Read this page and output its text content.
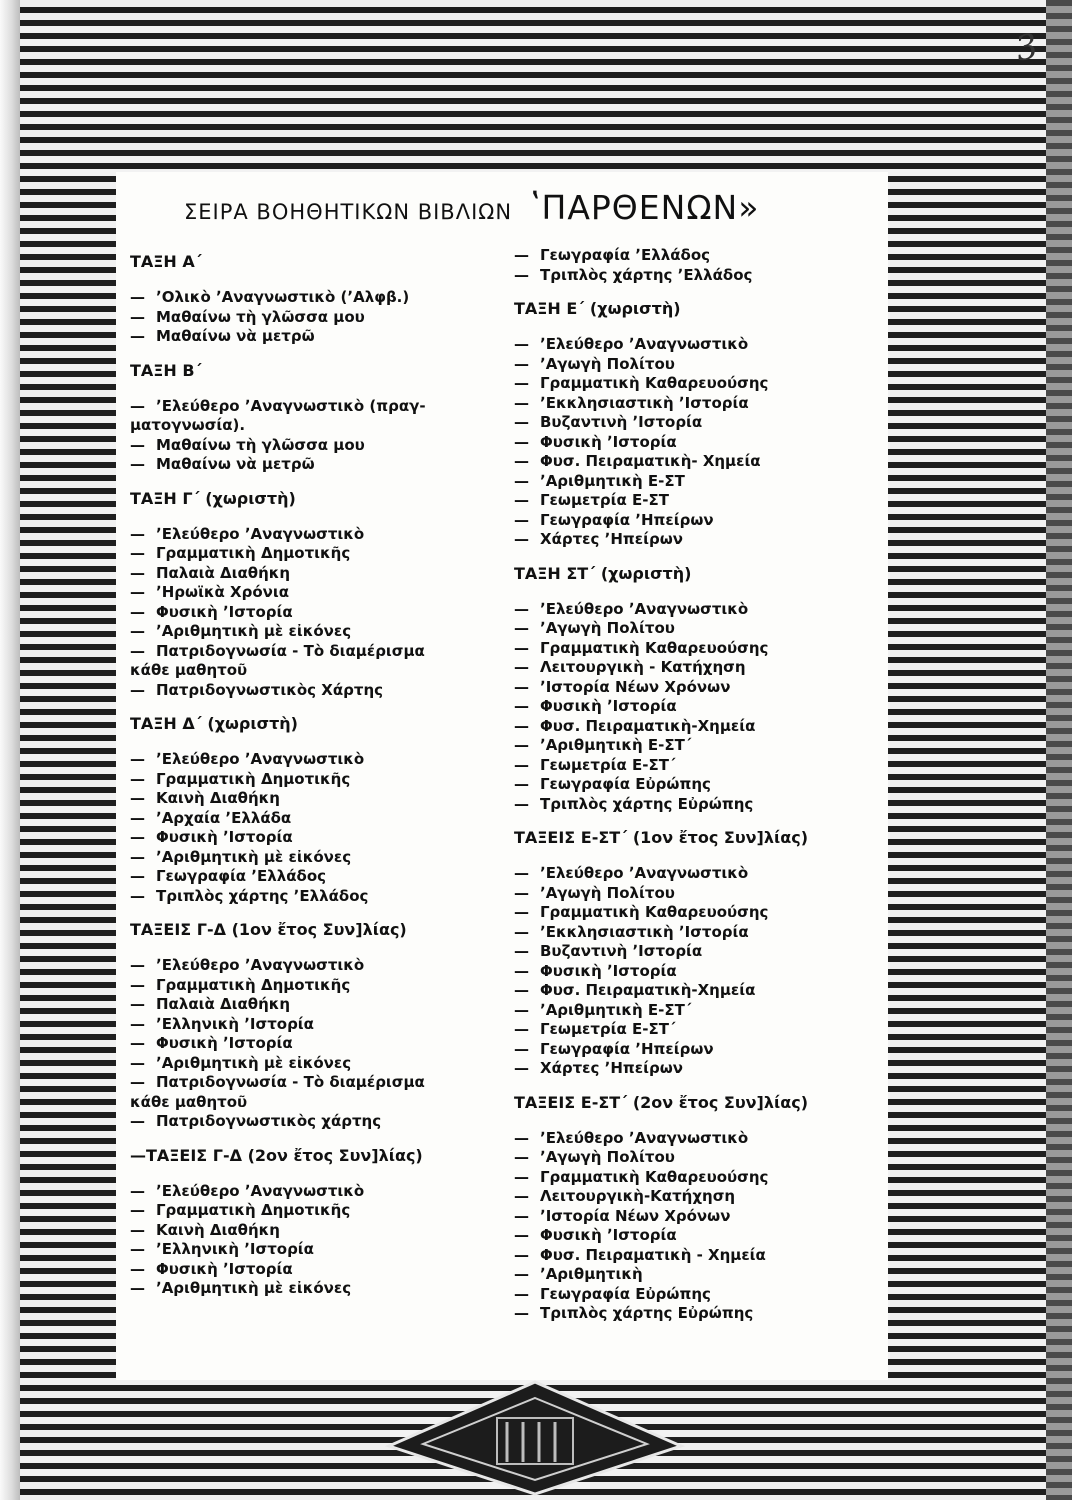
3
ΣΕΙΡΑ ΒΟΗΘΗΤΙΚΩΝ ΒΙΒΛΙΩΝ ʽΠΑΡΘΕΝΩΝ»
ΤΑΞΗ Α΄
— ʼΟλικὸ ʼΑναγνωστικὸ (ʼΑλφβ.)
— Μαθαίνω τὴ γλῶσσα μου
— Μαθαίνω νὰ μετρῶ
ΤΑΞΗ Β΄
— ʼΕλεύθερο ʼΑναγνωστικὸ (πραγ-
ματογνωσία).
— Μαθαίνω τὴ γλῶσσα μου
— Μαθαίνω νὰ μετρῶ
ΤΑΞΗ Γ΄ (χωριστὴ)
— ʼΕλεύθερο ʼΑναγνωστικὸ
— Γραμματικὴ Δημοτικῆς
— Παλαιὰ Διαθήκη
— ʼΗρωϊκὰ Χρόνια
— Φυσικὴ ʼΙστορία
— ʼΑριθμητικὴ μὲ εἰκόνες
— Πατριδογνωσία - Τὸ διαμέρισμα
κάθε μαθητοῦ
— Πατριδογνωστικὸς Χάρτης
ΤΑΞΗ Δ΄ (χωριστὴ)
— ʼΕλεύθερο ʼΑναγνωστικὸ
— Γραμματικὴ Δημοτικῆς
— Καινὴ Διαθήκη
— ʼΑρχαία ʼΕλλάδα
— Φυσικὴ ʼΙστορία
— ʼΑριθμητικὴ μὲ εἰκόνες
— Γεωγραφία ʼΕλλάδος
— Τριπλὸς χάρτης ʼΕλλάδος
ΤΑΞΕΙΣ Γ-Δ (1ον ἔτος Συν]λίας)
— ʼΕλεύθερο ʼΑναγνωστικὸ
— Γραμματικὴ Δημοτικῆς
— Παλαιὰ Διαθήκη
— ʼΕλληνικὴ ʼΙστορία
— Φυσικὴ ʼΙστορία
— ʼΑριθμητικὴ μὲ εἰκόνες
— Πατριδογνωσία - Τὸ διαμέρισμα
κάθε μαθητοῦ
— Πατριδογνωστικὸς χάρτης
—ΤΑΞΕΙΣ Γ-Δ (2ον ἔτος Συν]λίας)
— ʼΕλεύθερο ʼΑναγνωστικὸ
— Γραμματικὴ Δημοτικῆς
— Καινὴ Διαθήκη
— ʼΕλληνικὴ ʼΙστορία
— Φυσικὴ ʼΙστορία
— ʼΑριθμητικὴ μὲ εἰκόνες
— Γεωγραφία ʼΕλλάδος
— Τριπλὸς χάρτης ʼΕλλάδος
ΤΑΞΗ Ε΄ (χωριστὴ)
— ʼΕλεύθερο ʼΑναγνωστικὸ
— ʼΑγωγὴ Πολίτου
— Γραμματικὴ Καθαρευούσης
— ʼΕκκλησιαστικὴ ʼΙστορία
— Βυζαντινὴ ʼΙστορία
— Φυσικὴ ʼΙστορία
— Φυσ. Πειραματικὴ- Χημεία
— ʼΑριθμητικὴ Ε-ΣΤ
— Γεωμετρία Ε-ΣΤ
— Γεωγραφία ʼΗπείρων
— Χάρτες ʼΗπείρων
ΤΑΞΗ ΣΤ΄ (χωριστὴ)
— ʼΕλεύθερο ʼΑναγνωστικὸ
— ʼΑγωγὴ Πολίτου
— Γραμματικὴ Καθαρευούσης
— Λειτουργικὴ - Κατήχηση
— ʼΙστορία Νέων Χρόνων
— Φυσικὴ ʼΙστορία
— Φυσ. Πειραματικὴ-Χημεία
— ʼΑριθμητικὴ Ε-ΣΤ΄
— Γεωμετρία Ε-ΣΤ΄
— Γεωγραφία Εὐρώπης
— Τριπλὸς χάρτης Εὐρώπης
ΤΑΞΕΙΣ Ε-ΣΤ΄ (1ον ἔτος Συν]λίας)
— ʼΕλεύθερο ʼΑναγνωστικὸ
— ʼΑγωγὴ Πολίτου
— Γραμματικὴ Καθαρευούσης
— ʼΕκκλησιαστικὴ ʼΙστορία
— Βυζαντινὴ ʼΙστορία
— Φυσικὴ ʼΙστορία
— Φυσ. Πειραματικὴ-Χημεία
— ʼΑριθμητικὴ Ε-ΣΤ΄
— Γεωμετρία Ε-ΣΤ΄
— Γεωγραφία ʼΗπείρων
— Χάρτες ʼΗπείρων
ΤΑΞΕΙΣ Ε-ΣΤ΄ (2ον ἔτος Συν]λίας)
— ʼΕλεύθερο ʼΑναγνωστικὸ
— ʼΑγωγὴ Πολίτου
— Γραμματικὴ Καθαρευούσης
— Λειτουργικὴ-Κατήχηση
— ʼΙστορία Νέων Χρόνων
— Φυσικὴ ʼΙστορία
— Φυσ. Πειραματικὴ - Χημεία
— ʼΑριθμητικὴ
— Γεωγραφία Εὐρώπης
— Τριπλὸς χάρτης Εὐρώπης
